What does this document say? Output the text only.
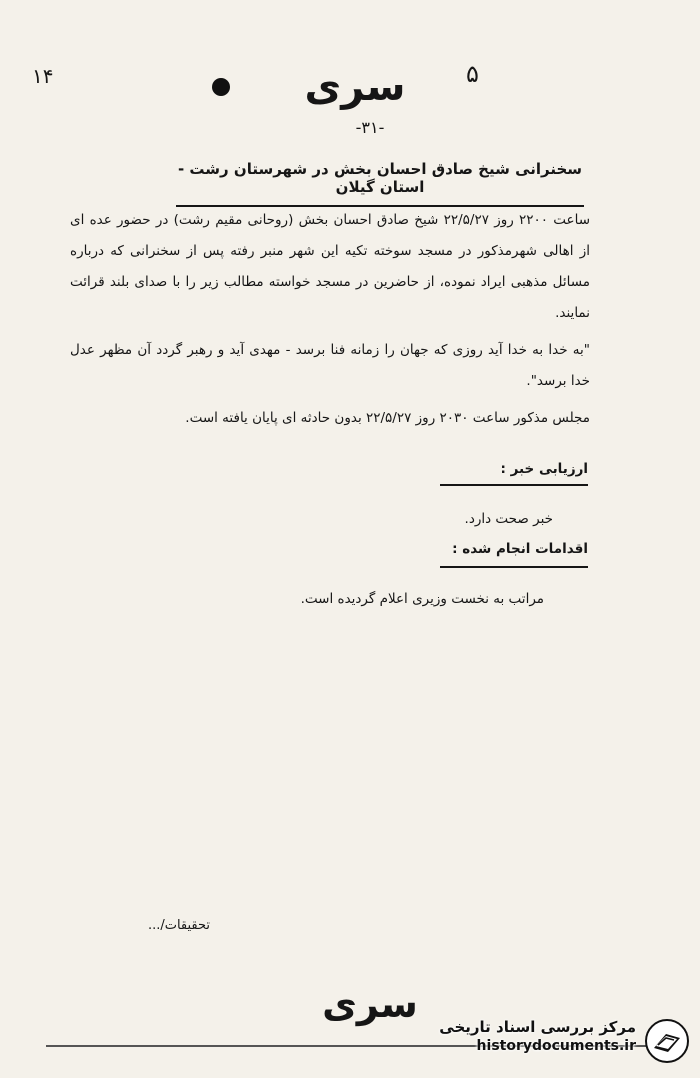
۱۴	۵
سرى
-۳۱-
سخنرانى شيخ صادق احسان بخش در شهرستان رشت - استان گيلان

ساعت ۲۲۰۰ روز ۲۲/۵/۲۷ شيخ صادق احسان بخش (روحانى مقيم رشت) در حضور عده اى از اهالى شهرمذكور در مسجد سوخته تكيه اين شهر منبر رفته پس از سخنرانى كه درباره مسائل مذهبى ايراد نموده، از حاضرين در مسجد خواسته مطالب زير را با صداى بلند قرائت نمايند.

"به خدا به خدا آيد روزى كه جهان را زمانه فنا برسد - مهدى آيد و رهبر گردد آن مظهر عدل خدا برسد".

مجلس مذكور ساعت ۲۰۳۰ روز ۲۲/۵/۲۷ بدون حادثه اى پايان يافته است.

ارزيابى خبر :
خبر صحت دارد.
اقدامات انجام شده :
مراتب به نخست وزيرى اعلام گرديده است.
تحقيقات/...
سرى
مركز بررسى اسناد تاريخى
historydocuments.ir
